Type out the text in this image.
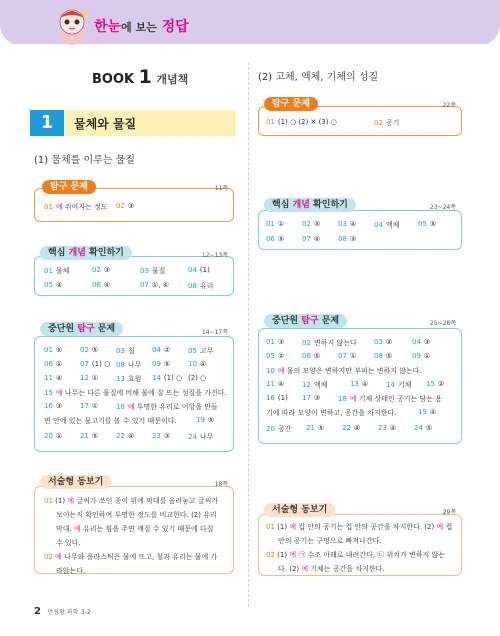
한눈에 보는 정답
BOOK 1 개념책
1	물체와 물질
(1) 물체를 이루는 물질
탐구 문제	11쪽
01 예 쥐어지는 정도 02 ③
핵심 개념 확인하기	12~13쪽
01 물체	02 ③	03 물질	04 (1)
05 ③	06 ④	07 ①, ④	08 유리
중단원 탐구 문제	14~17쪽
01 ⑤	02 ⑤	03 철 04 ②	05 고무
06 ①	07 (1) ○ 08 나무 09 ⑤	10 ④
11 ④	12 ①	13 효원 14 (1) ○ (2) ○
15 예 나무는 다른 물질에 비해 물에 잘 뜨는 성질을 가진다.
16 ③	17 ①	18 예 투명한 유리로 어항을 만들
면 안에 있는 물고기를 볼 수 있기 때문이다.	19 ⑤
20 ①	21 ⑤	22 ④	23 ③	24 나무
서술형 동보기	18쪽
01 (1) 예 글씨가 쓰인 종이 위에 막대를 올려놓고 글씨가
보이는지 확인하여 투명한 정도를 비교한다. (2) 유리
막대. 예 유리는 힘을 주면 깨질 수 있기 때문에 다칠
수 있다.
02 예 나무와 플라스틱은 물에 뜨고, 철과 유리는 물에 가
라앉는다.
(2) 고체, 액체, 기체의 성질
탐구 문제	22쪽
01 (1) ○ (2) ✕ (3) ○	02 공기
핵심 개념 확인하기	23~24쪽
01 ①	02 ⑤	03 ④	04 액체	05 ⑤
06 ⑤	07 ④	08 ③
중단원 탐구 문제	25~28쪽
01 ③	02 변하지 않는다 03 ②	04 ③
05 ②	06 ⑤	07 ①	08 ⑤	09 ①
10 예 물의 모양은 변하지만 부피는 변하지 않는다.
11 ④	12 액체	13 ④	14 기체 15 ②
16 (1) 17 ③	18 예 기체 상태인 공기는 담는 용
기에 따라 모양이 변하고, 공간을 차지한다.	19 ④
20 공간 21 ⑤	22 ④	23 ④	24 ⑤
서술형 동보기	29쪽
01 (1) 예 컵 안의 공기는 컵 안의 공간을 차지한다. (2) 예 컵
안의 공기는 구멍으로 빠져나간다.
02 (1) 예 ㉠ 수조 아래로 내려간다, ㉡ 위치가 변하지 않는
다. (2) 예 기체는 공간을 차지한다.
2 만점왕 과학 3-2
